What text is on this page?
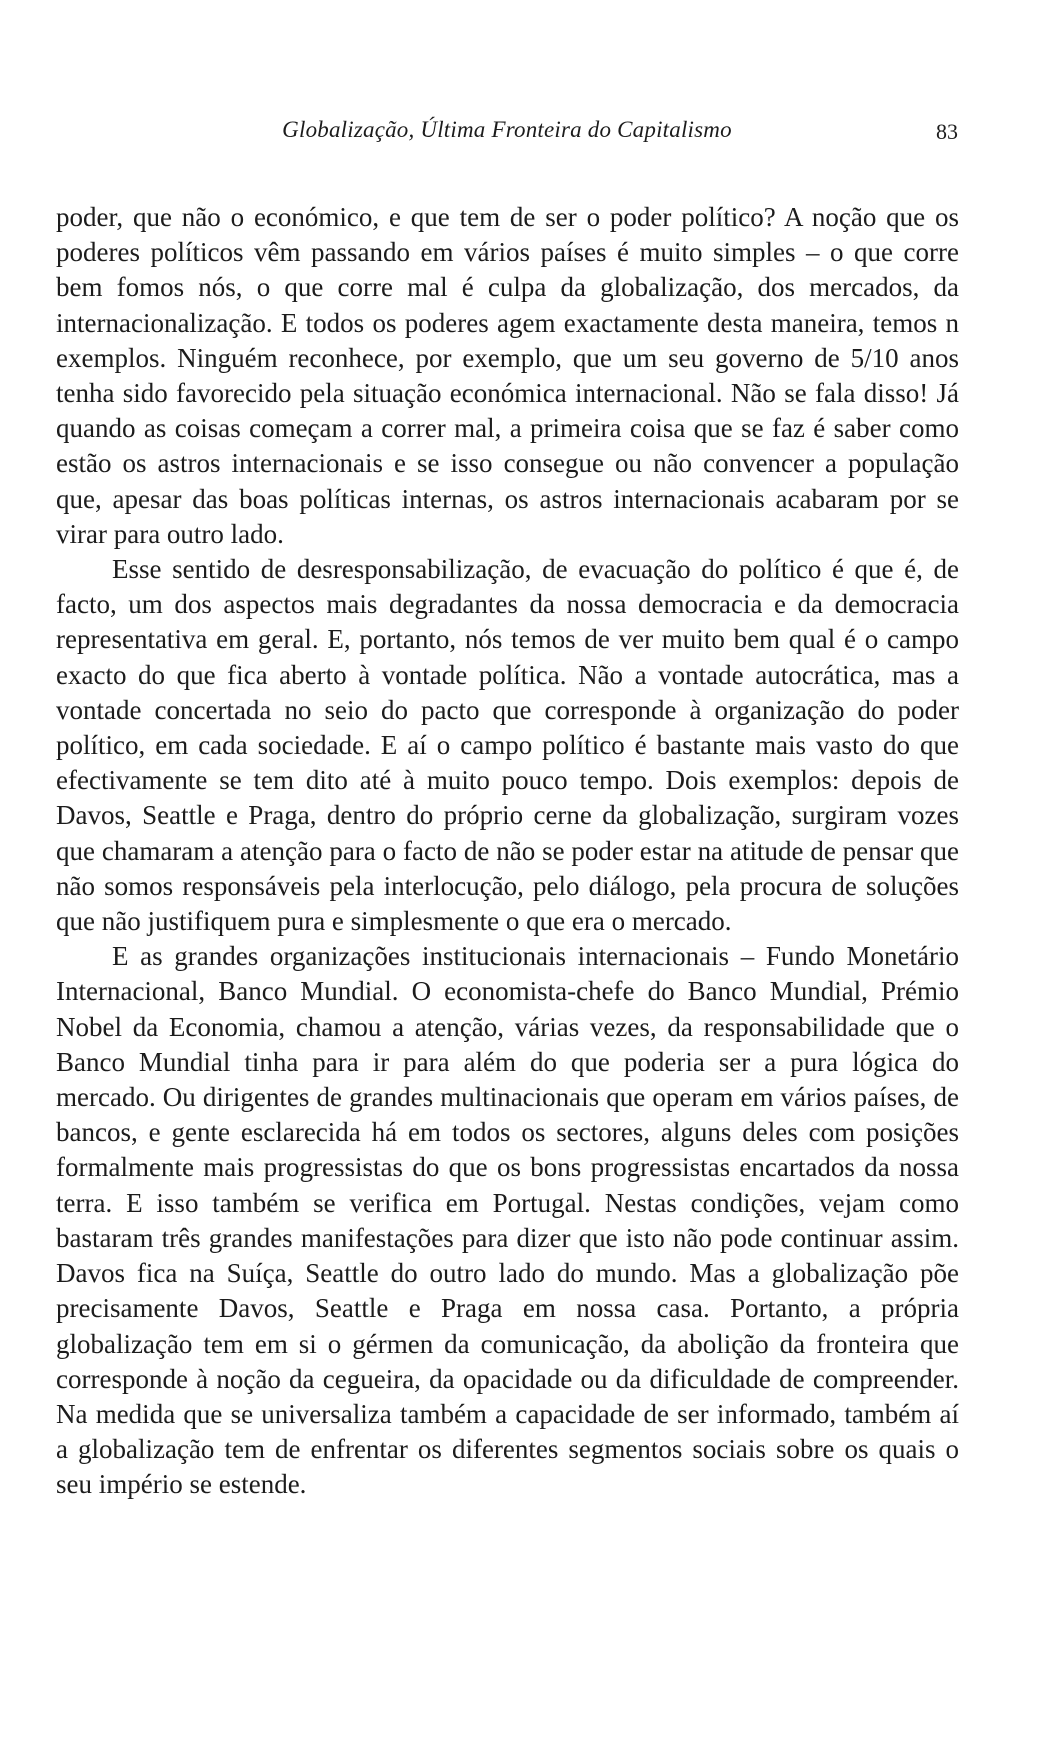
Globalização, Última Fronteira do Capitalismo	83

poder, que não o económico, e que tem de ser o poder político? A noção que os poderes políticos vêm passando em vários países é muito simples – o que corre bem fomos nós, o que corre mal é culpa da globalização, dos mercados, da internacionalização. E todos os poderes agem exactamente desta maneira, temos n exemplos. Ninguém reconhece, por exemplo, que um seu governo de 5/10 anos tenha sido favorecido pela situação económica internacional. Não se fala disso! Já quando as coisas começam a correr mal, a primeira coisa que se faz é saber como estão os astros internacionais e se isso consegue ou não convencer a população que, apesar das boas políticas internas, os astros internacionais acabaram por se virar para outro lado.

Esse sentido de desresponsabilização, de evacuação do político é que é, de facto, um dos aspectos mais degradantes da nossa democracia e da democracia representativa em geral. E, portanto, nós temos de ver muito bem qual é o campo exacto do que fica aberto à vontade política. Não a vontade autocrática, mas a vontade concertada no seio do pacto que corresponde à organização do poder político, em cada sociedade. E aí o campo político é bastante mais vasto do que efectivamente se tem dito até à muito pouco tempo. Dois exemplos: depois de Davos, Seattle e Praga, dentro do próprio cerne da globalização, surgiram vozes que chamaram a atenção para o facto de não se poder estar na atitude de pensar que não somos responsáveis pela interlocução, pelo diálogo, pela procura de soluções que não justifiquem pura e simplesmente o que era o mercado.

E as grandes organizações institucionais internacionais – Fundo Monetário Internacional, Banco Mundial. O economista-chefe do Banco Mundial, Prémio Nobel da Economia, chamou a atenção, várias vezes, da responsabilidade que o Banco Mundial tinha para ir para além do que poderia ser a pura lógica do mercado. Ou dirigentes de grandes multinacionais que operam em vários países, de bancos, e gente esclarecida há em todos os sectores, alguns deles com posições formalmente mais progressistas do que os bons progressistas encartados da nossa terra. E isso também se verifica em Portugal. Nestas condições, vejam como bastaram três grandes manifestações para dizer que isto não pode continuar assim. Davos fica na Suíça, Seattle do outro lado do mundo. Mas a globalização põe precisamente Davos, Seattle e Praga em nossa casa. Portanto, a própria globalização tem em si o gérmen da comunicação, da abolição da fronteira que corresponde à noção da cegueira, da opacidade ou da dificuldade de compreender. Na medida que se universaliza também a capacidade de ser informado, também aí a globalização tem de enfrentar os diferentes segmentos sociais sobre os quais o seu império se estende.
